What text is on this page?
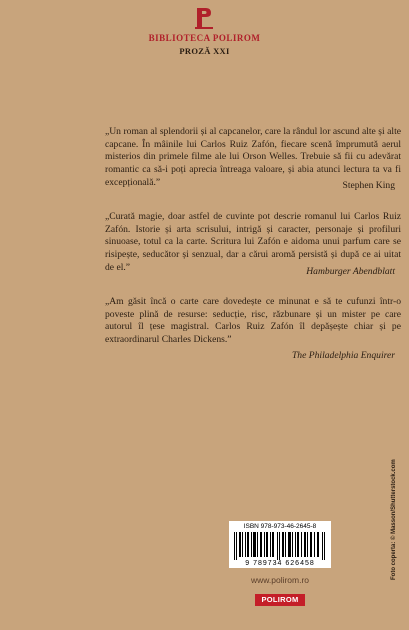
BIBLIOTECA POLIROM
PROZĂ XXI

„Un roman al splendorii și al capcanelor, care la rândul lor ascund alte și alte capcane. În mâinile lui Carlos Ruiz Zafón, fiecare scenă împrumută aerul misterios din primele filme ale lui Orson Welles. Trebuie să fii cu adevărat romantic ca să-i poți aprecia întreaga valoare, și abia atunci lectura ta va fi excepțională.”	Stephen King

„Curată magie, doar astfel de cuvinte pot descrie romanul lui Carlos Ruiz Zafón. Istorie și arta scrisului, intrigă și caracter, personaje și profiluri sinuoase, totul ca la carte. Scritura lui Zafón e aidoma unui parfum care se risipește, seducător și senzual, dar a cărui aromă persistă și după ce ai uitat de el.”	Hamburger Abendblatt

„Am găsit încă o carte care dovedește ce minunat e să te cufunzi într-o poveste plină de resurse: seducție, risc, răzbunare și un mister pe care autorul îl țese magistral. Carlos Ruiz Zafón îl depășește chiar și pe extraordinarul Charles Dickens.”

The Philadelphia Enquirer
Foto coperta: © Masson/Shutterstock.com
ISBN 978-973-46-2645-8
9 789734 626458
www.polirom.ro
POLIROM
